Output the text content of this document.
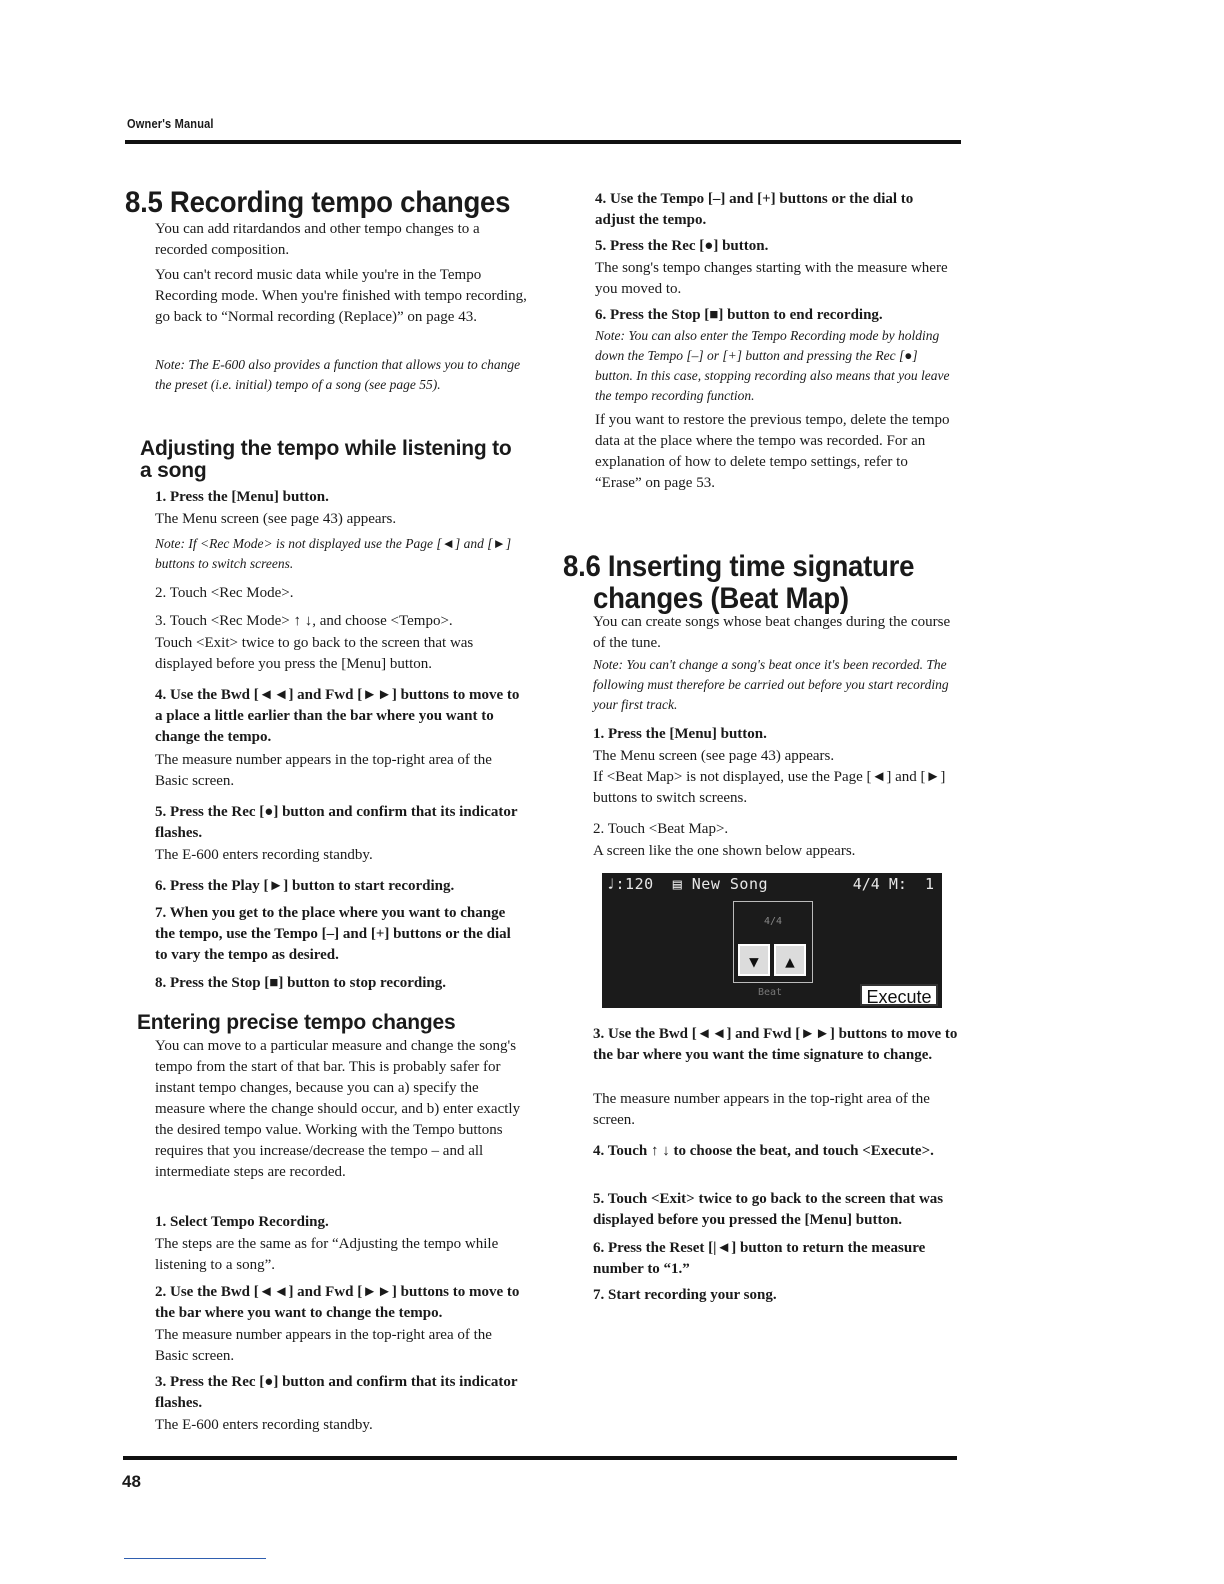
Owner's Manual
8.5 Recording tempo changes

You can add ritardandos and other tempo changes to a recorded composition.

You can't record music data while you're in the Tempo Recording mode. When you're finished with tempo recording, go back to “Normal recording (Replace)” on page 43.

Note: The E-600 also provides a function that allows you to change the preset (i.e. initial) tempo of a song (see page 55).

Adjusting the tempo while listening to a song

1. Press the [Menu] button.

The Menu screen (see page 43) appears.

Note: If <Rec Mode> is not displayed use the Page [◄] and [►] buttons to switch screens.

2. Touch <Rec Mode>.

3. Touch <Rec Mode> ↑ ↓, and choose <Tempo>.

Touch <Exit> twice to go back to the screen that was displayed before you press the [Menu] button.

4. Use the Bwd [◄◄] and Fwd [►►] buttons to move to a place a little earlier than the bar where you want to change the tempo.

The measure number appears in the top-right area of the Basic screen.

5. Press the Rec [●] button and confirm that its indicator flashes.

The E-600 enters recording standby.

6. Press the Play [►] button to start recording.

7. When you get to the place where you want to change the tempo, use the Tempo [–] and [+] buttons or the dial to vary the tempo as desired.

8. Press the Stop [■] button to stop recording.

Entering precise tempo changes

You can move to a particular measure and change the song's tempo from the start of that bar. This is probably safer for instant tempo changes, because you can a) specify the measure where the change should occur, and b) enter exactly the desired tempo value. Working with the Tempo buttons requires that you increase/decrease the tempo – and all intermediate steps are recorded.

1. Select Tempo Recording.

The steps are the same as for “Adjusting the tempo while listening to a song”.

2. Use the Bwd [◄◄] and Fwd [►►] buttons to move to the bar where you want to change the tempo.

The measure number appears in the top-right area of the Basic screen.

3. Press the Rec [●] button and confirm that its indicator flashes.

The E-600 enters recording standby.

4. Use the Tempo [–] and [+] buttons or the dial to adjust the tempo.

5. Press the Rec [●] button.

The song's tempo changes starting with the measure where you moved to.

6. Press the Stop [■] button to end recording.

Note: You can also enter the Tempo Recording mode by holding down the Tempo [–] or [+] button and pressing the Rec [●] button. In this case, stopping recording also means that you leave the tempo recording function.

If you want to restore the previous tempo, delete the tempo data at the place where the tempo was recorded. For an explanation of how to delete tempo settings, refer to “Erase” on page 53.

8.6 Inserting time signature
changes (Beat Map)

You can create songs whose beat changes during the course of the tune.

Note: You can't change a song's beat once it's been recorded. The following must therefore be carried out before you start recording your first track.

1. Press the [Menu] button.

The Menu screen (see page 43) appears.

If <Beat Map> is not displayed, use the Page [◄] and [►] buttons to switch screens.

2. Touch <Beat Map>.

A screen like the one shown below appears.

♩:120 ▤ New Song	4/4 M:  1
4/4
▼	▲
Beat	Execute

3. Use the Bwd [◄◄] and Fwd [►►] buttons to move to the bar where you want the time signature to change.

The measure number appears in the top-right area of the screen.

4. Touch ↑ ↓ to choose the beat, and touch <Execute>.

5. Touch <Exit> twice to go back to the screen that was displayed before you pressed the [Menu] button.

6. Press the Reset [|◄] button to return the measure number to “1.”

7. Start recording your song.

48
